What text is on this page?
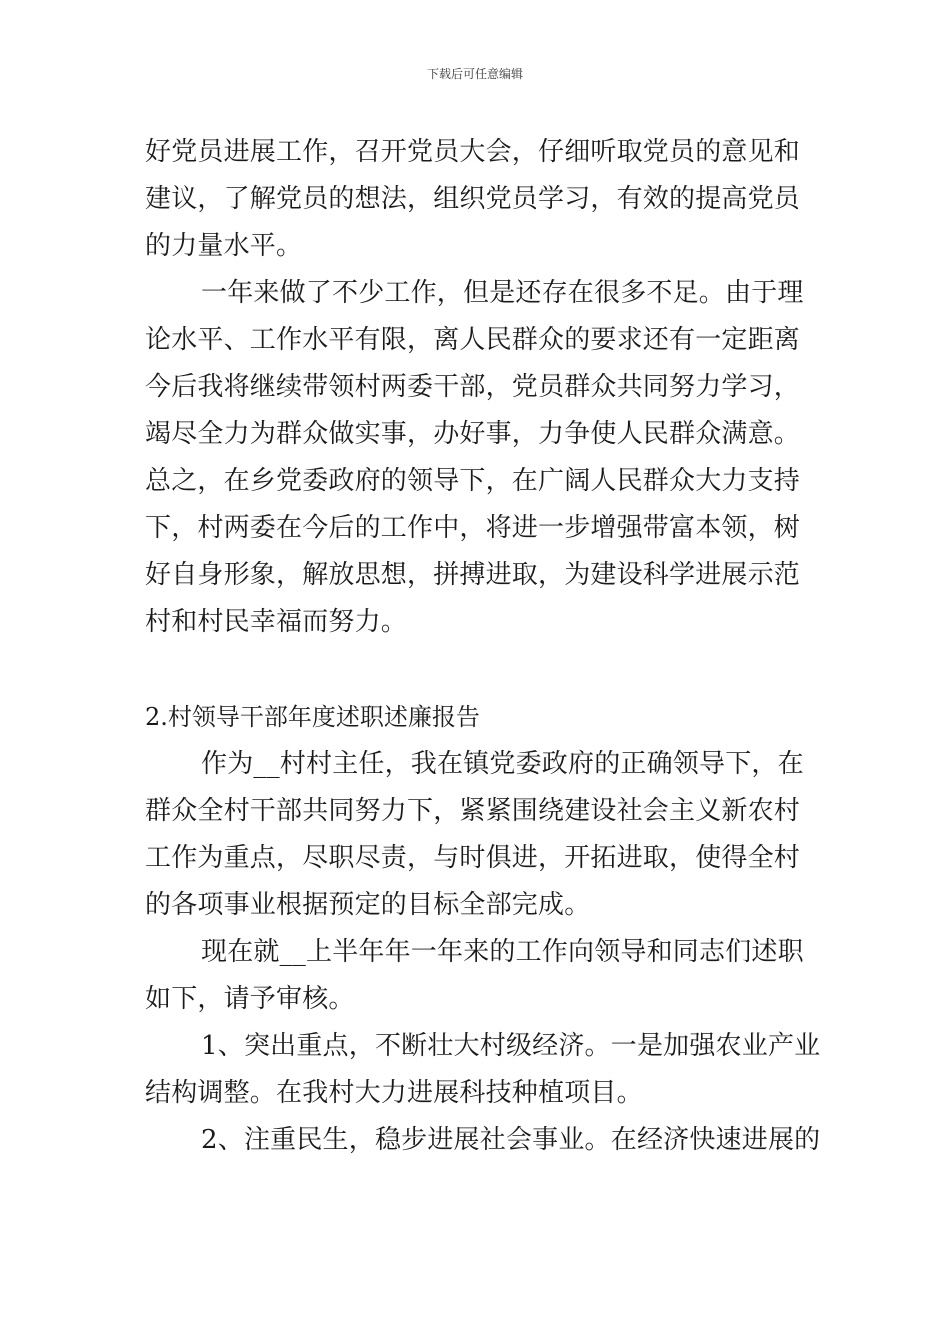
下载后可任意编辑

好党员进展工作，召开党员大会，仔细听取党员的意见和
建议，了解党员的想法，组织党员学习，有效的提高党员
的力量水平。

一年来做了不少工作，但是还存在很多不足。由于理
论水平、工作水平有限，离人民群众的要求还有一定距离
今后我将继续带领村两委干部，党员群众共同努力学习，
竭尽全力为群众做实事，办好事，力争使人民群众满意。
总之，在乡党委政府的领导下，在广阔人民群众大力支持
下，村两委在今后的工作中，将进一步增强带富本领，树
好自身形象，解放思想，拼搏进取，为建设科学进展示范
村和村民幸福而努力。

2.村领导干部年度述职述廉报告

作为__村村主任，我在镇党委政府的正确领导下，在
群众全村干部共同努力下，紧紧围绕建设社会主义新农村
工作为重点，尽职尽责，与时俱进，开拓进取，使得全村
的各项事业根据预定的目标全部完成。

现在就__上半年年一年来的工作向领导和同志们述职
如下，请予审核。

1、突出重点，不断壮大村级经济。一是加强农业产业
结构调整。在我村大力进展科技种植项目。

2、注重民生，稳步进展社会事业。在经济快速进展的
